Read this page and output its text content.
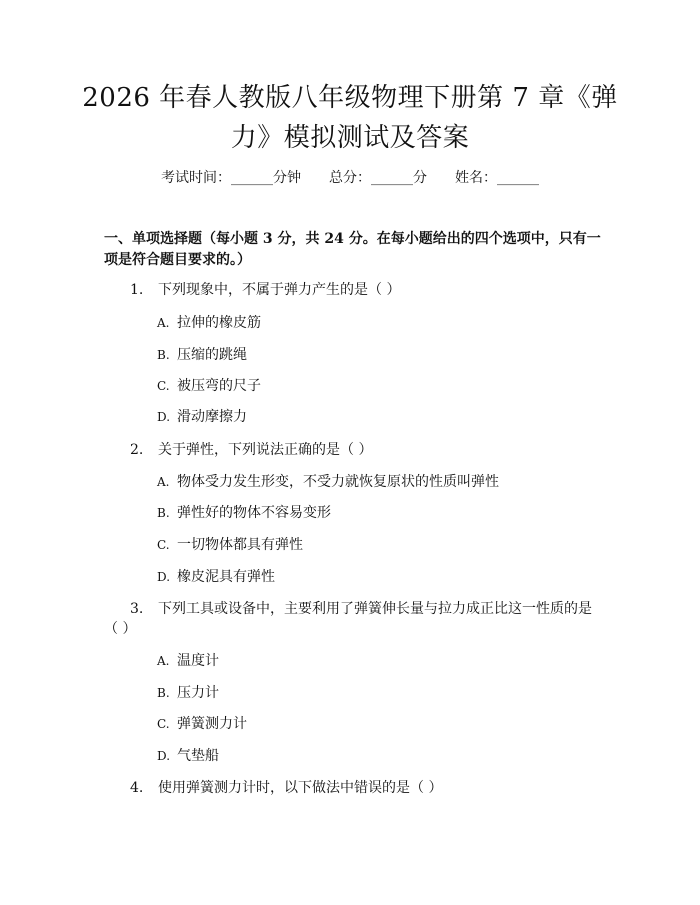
2026 年春人教版八年级物理下册第 7 章《弹
力》模拟测试及答案
考试时间：______分钟 总分：______分 姓名：______
一、单项选择题（每小题 3 分，共 24 分。在每小题给出的四个选项中，只有一项是符合题目要求的。）
1. 下列现象中，不属于弹力产生的是（ ）
A. 拉伸的橡皮筋
B. 压缩的跳绳
C. 被压弯的尺子
D. 滑动摩擦力
2. 关于弹性，下列说法正确的是（ ）
A. 物体受力发生形变，不受力就恢复原状的性质叫弹性
B. 弹性好的物体不容易变形
C. 一切物体都具有弹性
D. 橡皮泥具有弹性
3. 下列工具或设备中，主要利用了弹簧伸长量与拉力成正比这一性质的是
（ ）
A. 温度计
B. 压力计
C. 弹簧测力计
D. 气垫船
4. 使用弹簧测力计时，以下做法中错误的是（ ）
